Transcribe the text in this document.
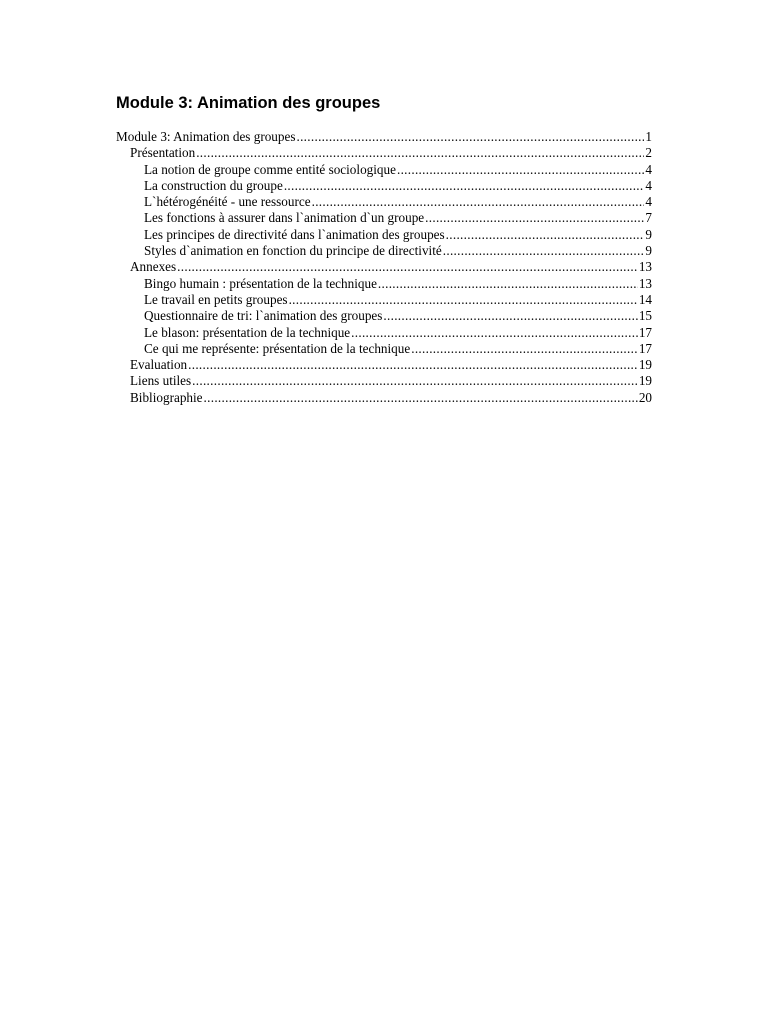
Module 3: Animation des groupes
Module 3: Animation des groupes .....	1
Présentation .....	2
La notion de groupe comme entité sociologique .....	4
La construction du groupe .....	4
L`hétérogénéité - une ressource .....	4
Les fonctions à assurer dans l`animation d`un groupe .....	7
Les principes de directivité dans l`animation des groupes .....	9
Styles d`animation en fonction du principe de directivité .....	9
Annexes .....	13
Bingo humain : présentation de la technique .....	13
Le travail en petits groupes .....	14
Questionnaire de tri: l`animation des groupes .....	15
Le blason: présentation de la technique .....	17
Ce qui me représente: présentation de la technique .....	17
Evaluation .....	19
Liens utiles .....	19
Bibliographie .....	20
